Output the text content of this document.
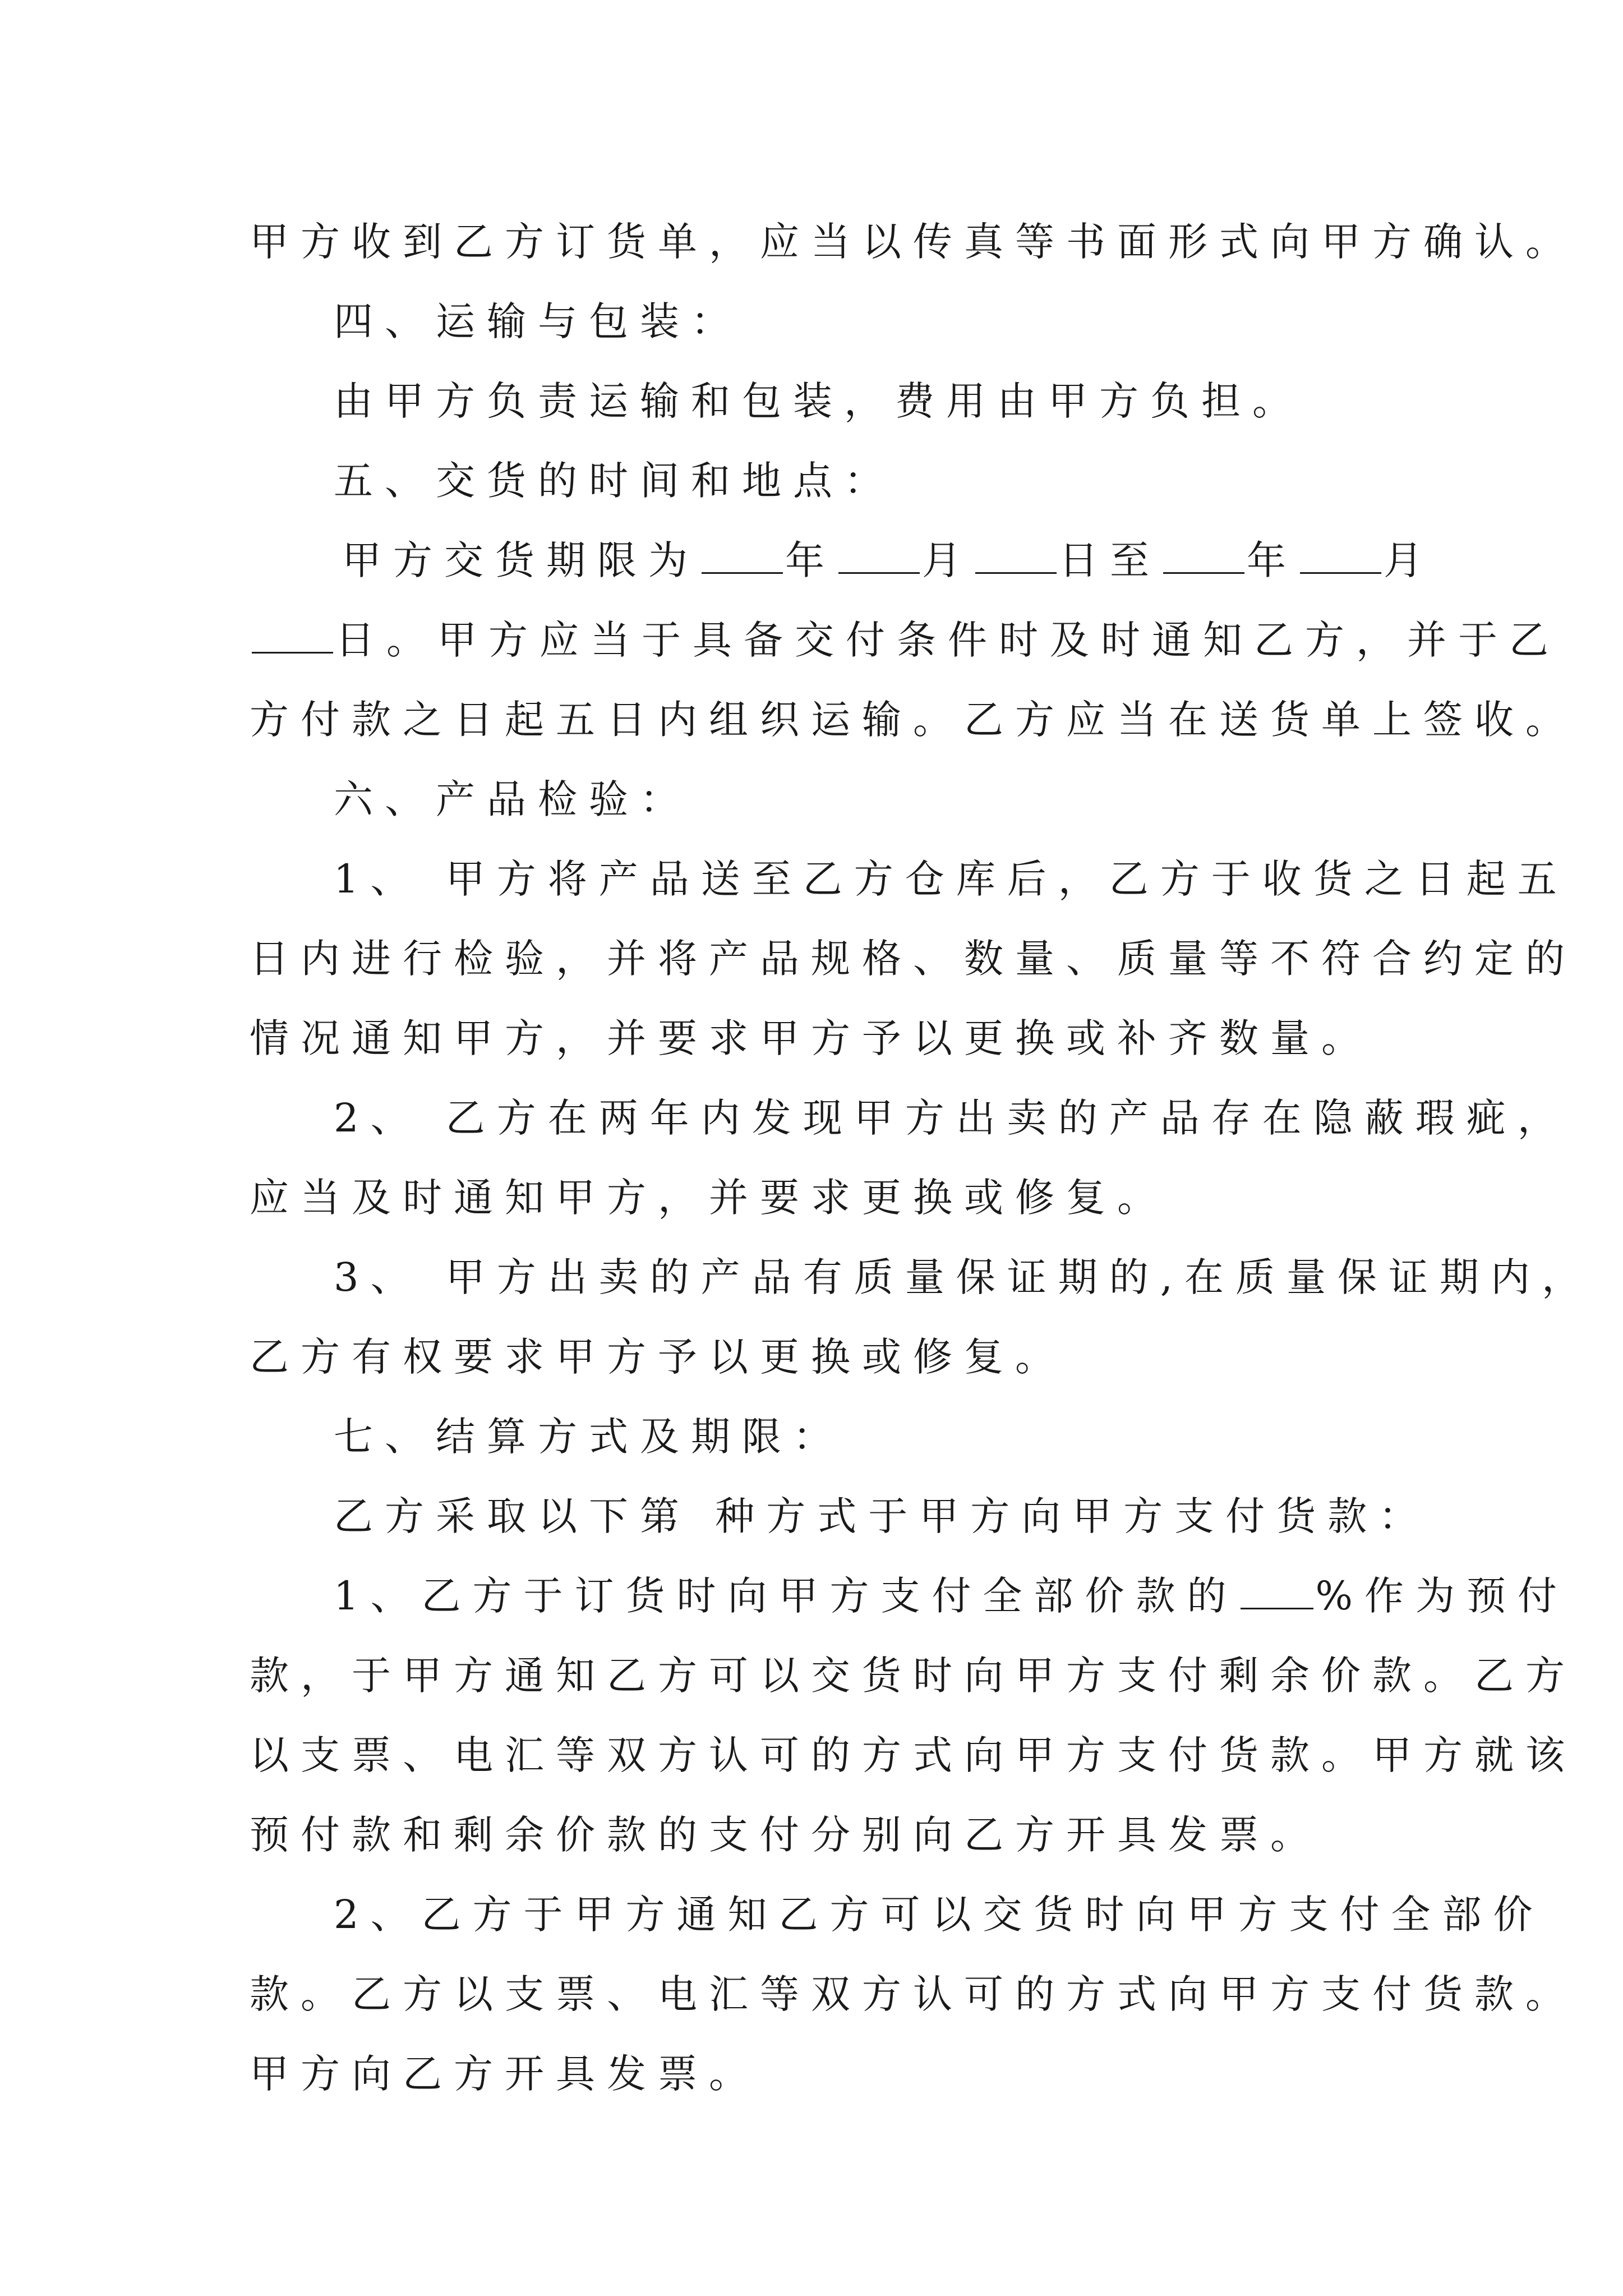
甲方收到乙方订货单，应当以传真等书面形式向甲方确认。
四、运输与包装：
由甲方负责运输和包装，费用由甲方负担。
五、交货的时间和地点：
甲方交货期限为 年 月 日至 年 月
日。甲方应当于具备交付条件时及时通知乙方，并于乙
方付款之日起五日内组织运输。乙方应当在送货单上签收。
六、产品检验：
1、 甲方将产品送至乙方仓库后，乙方于收货之日起五
日内进行检验，并将产品规格、数量、质量等不符合约定的
情况通知甲方，并要求甲方予以更换或补齐数量。
2、 乙方在两年内发现甲方出卖的产品存在隐蔽瑕疵，
应当及时通知甲方，并要求更换或修复。
3、 甲方出卖的产品有质量保证期的,在质量保证期内，
乙方有权要求甲方予以更换或修复。
七、结算方式及期限：
乙方采取以下第 种方式于甲方向甲方支付货款：
1、乙方于订货时向甲方支付全部价款的 %作为预付
款，于甲方通知乙方可以交货时向甲方支付剩余价款。乙方
以支票、电汇等双方认可的方式向甲方支付货款。甲方就该
预付款和剩余价款的支付分别向乙方开具发票。
2、乙方于甲方通知乙方可以交货时向甲方支付全部价
款。乙方以支票、电汇等双方认可的方式向甲方支付货款。
甲方向乙方开具发票。
